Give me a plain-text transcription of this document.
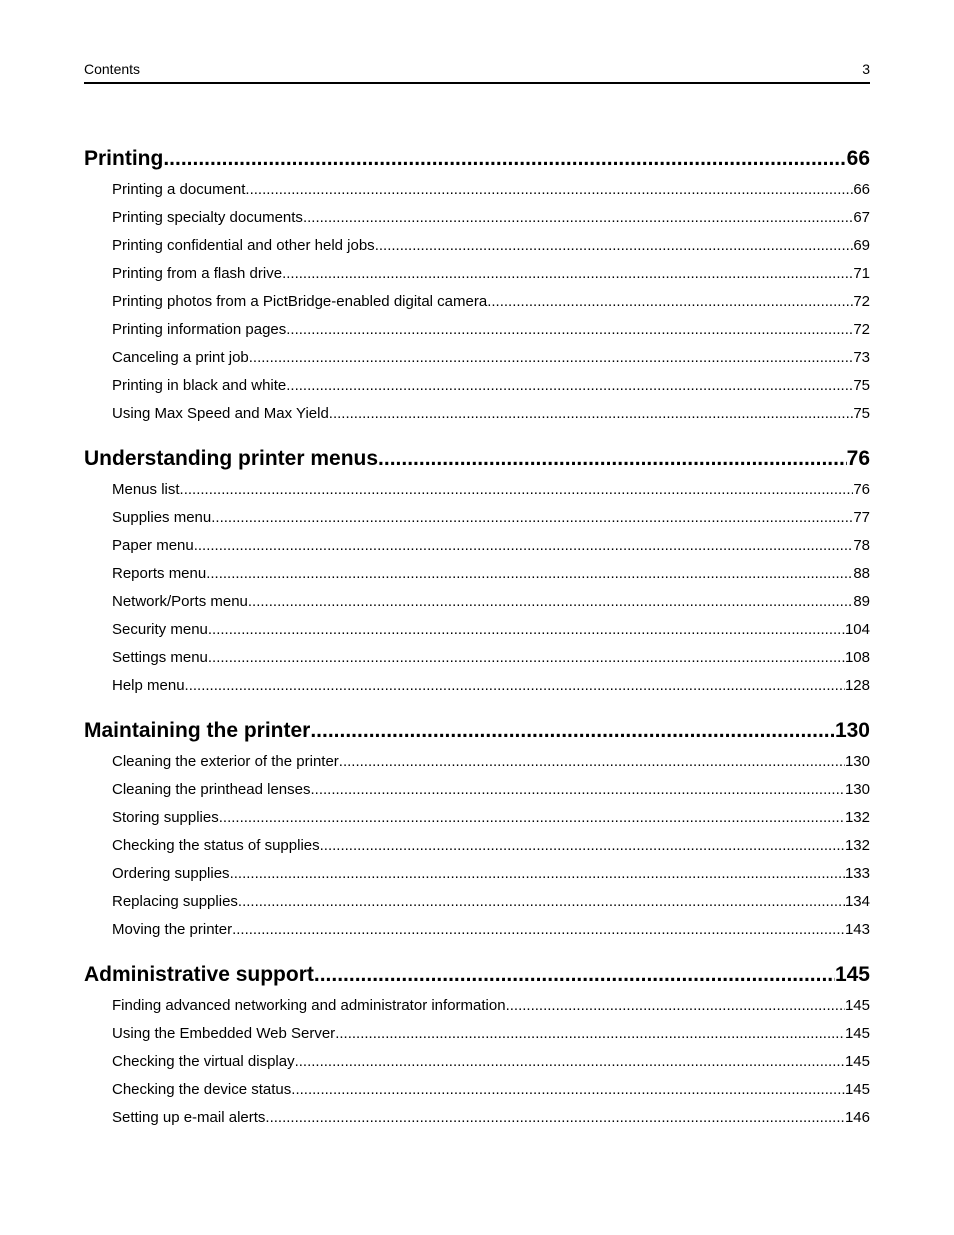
Contents	3
Printing .....	66
Printing a document .....	66
Printing specialty documents .....	67
Printing confidential and other held jobs .....	69
Printing from a flash drive .....	71
Printing photos from a PictBridge-enabled digital camera .....	72
Printing information pages .....	72
Canceling a print job .....	73
Printing in black and white .....	75
Using Max Speed and Max Yield .....	75
Understanding printer menus .....	76
Menus list .....	76
Supplies menu .....	77
Paper menu .....	78
Reports menu .....	88
Network/Ports menu .....	89
Security menu .....	104
Settings menu .....	108
Help menu .....	128
Maintaining the printer .....	130
Cleaning the exterior of the printer .....	130
Cleaning the printhead lenses .....	130
Storing supplies .....	132
Checking the status of supplies .....	132
Ordering supplies .....	133
Replacing supplies .....	134
Moving the printer .....	143
Administrative support .....	145
Finding advanced networking and administrator information .....	145
Using the Embedded Web Server .....	145
Checking the virtual display .....	145
Checking the device status .....	145
Setting up e-mail alerts .....	146
